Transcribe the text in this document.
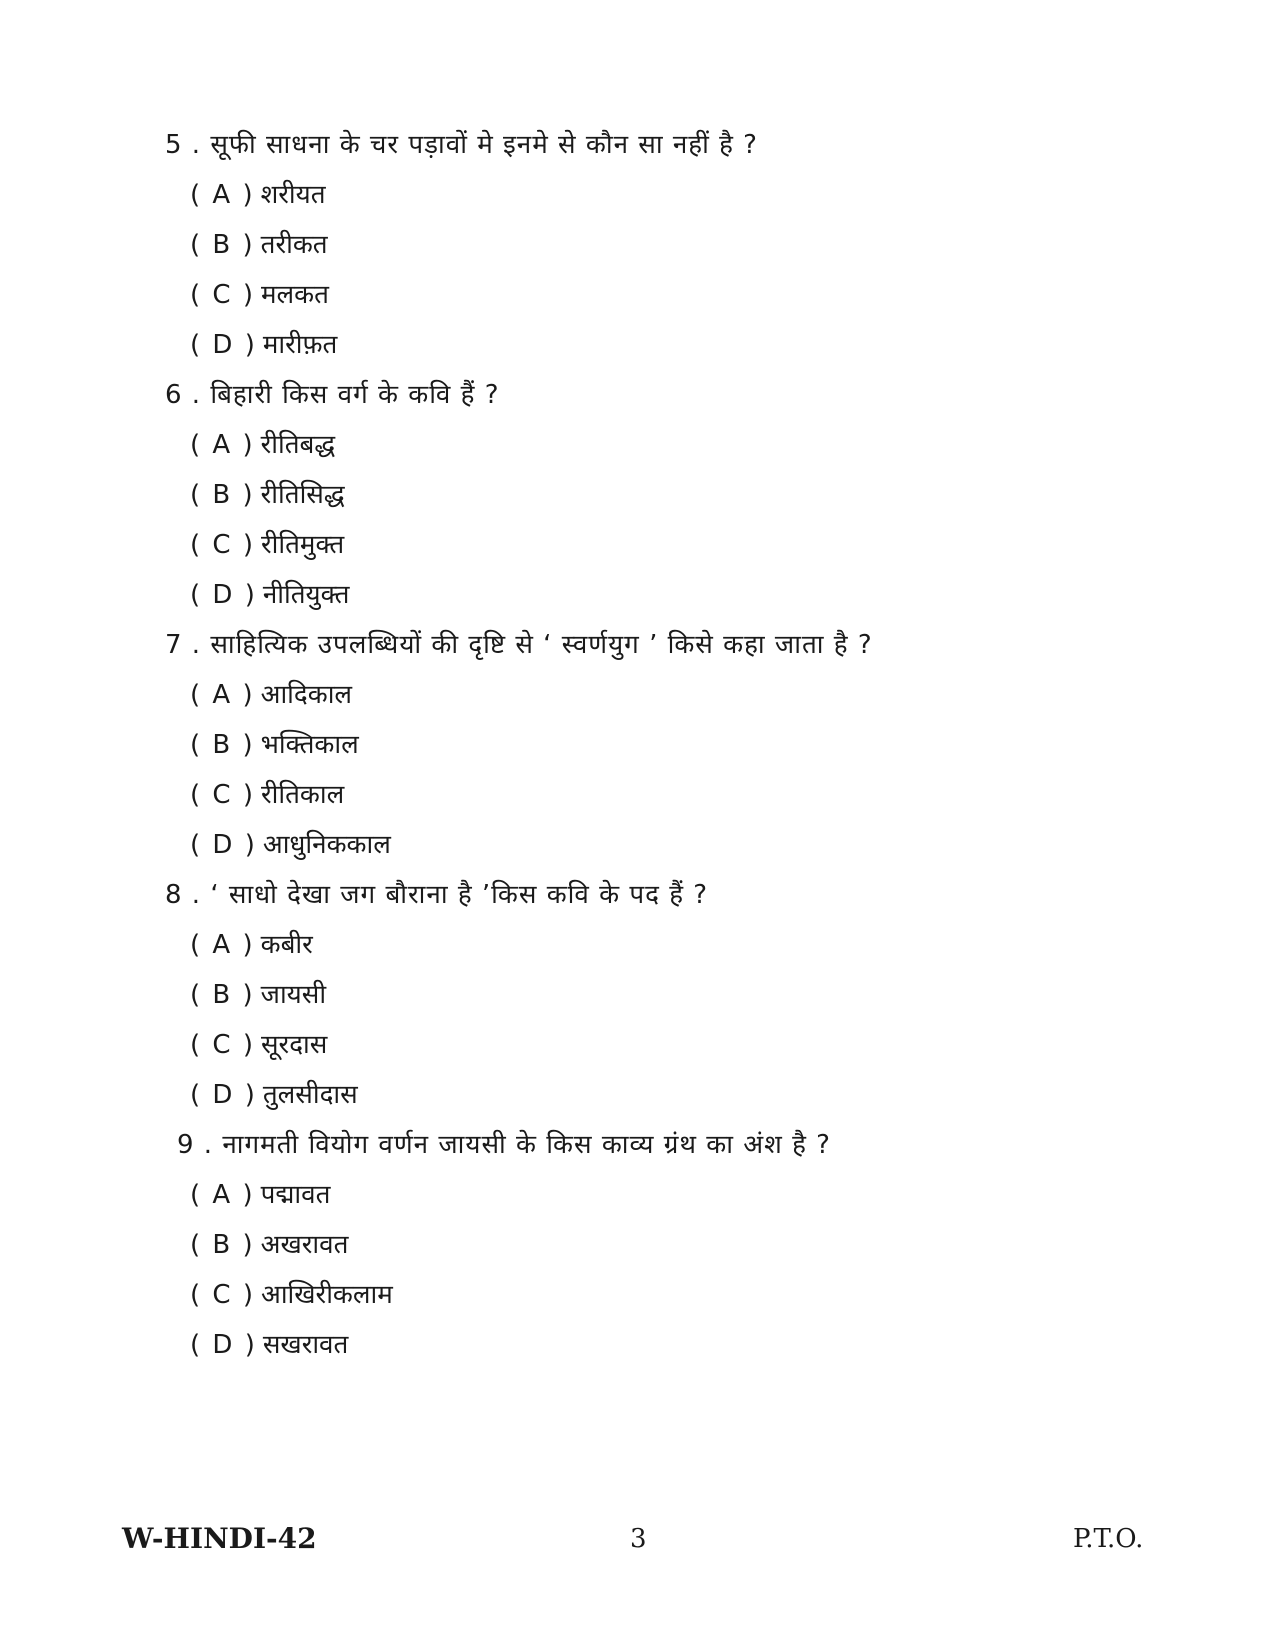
5 . सूफी साधना के चर पड़ावों मे इनमे से कौन सा नहीं है ?
( A ) शरीयत
( B ) तरीकत
( C ) मलकत
( D ) मारीफ़त
6 . बिहारी किस वर्ग के कवि हैं ?
( A ) रीतिबद्ध
( B ) रीतिसिद्ध
( C ) रीतिमुक्त
( D ) नीतियुक्त
7 . साहित्यिक उपलब्धियों की दृष्टि से ‘ स्वर्णयुग ’ किसे कहा जाता है ?
( A ) आदिकाल
( B ) भक्तिकाल
( C ) रीतिकाल
( D ) आधुनिककाल
8 . ‘ साधो देखा जग बौराना है ’किस कवि के पद हैं ?
( A ) कबीर
( B ) जायसी
( C ) सूरदास
( D ) तुलसीदास
9 . नागमती वियोग वर्णन जायसी के किस काव्य ग्रंथ का अंश है ?
( A ) पद्मावत
( B ) अखरावत
( C ) आखिरीकलाम
( D ) सखरावत
W-HINDI-42	3	P.T.O.
